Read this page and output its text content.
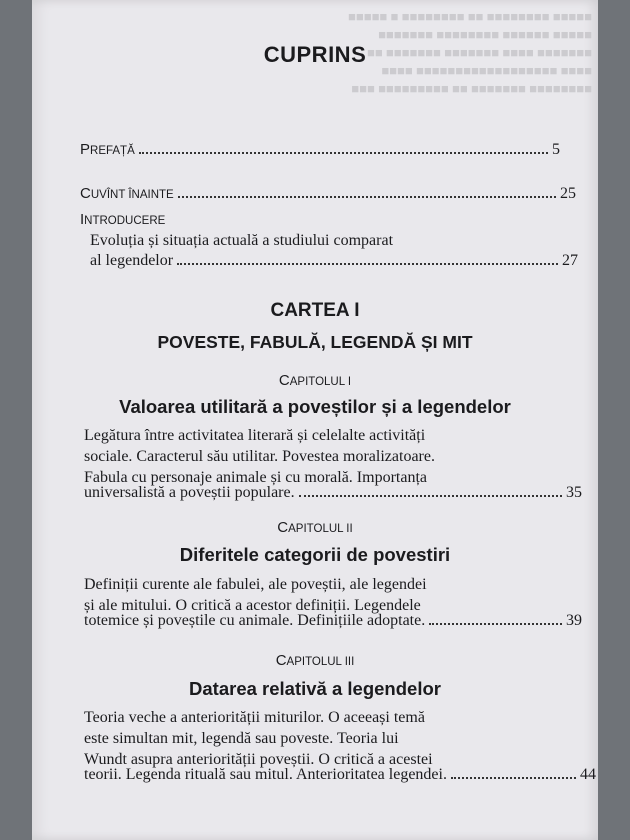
■■■■■ ■■■■■■■■ ■■ ■■■■■■■■ ■ ■■■■■
■■■■■ ■■■■■■ ■■■■■■■■ ■■■■■■■
■■■■■■■ ■■■■ ■■■■■■■ ■■■■■■■ ■■
■■■■ ■■■■■■■■■■■■■■■■■■ ■■■■
■■■■■■■■ ■■■■■■■ ■■ ■■■■■■■■■ ■■■
CUPRINS
PREFAȚĂ	5
CUVÎNT ÎNAINTE	25
INTRODUCERE
Evoluția și situația actuală a studiului comparat
al legendelor	27
CARTEA I
POVESTE, FABULĂ, LEGENDĂ ȘI MIT
CAPITOLUL I
Valoarea utilitară a poveștilor și a legendelor
Legătura între activitatea literară și celelalte activități
sociale. Caracterul său utilitar. Povestea moralizatoare.
Fabula cu personaje animale și cu morală. Importanța
universalistă a poveștii populare.	35
CAPITOLUL II
Diferitele categorii de povestiri
Definiții curente ale fabulei, ale poveștii, ale legendei
și ale mitului. O critică a acestor definiții. Legendele
totemice și poveștile cu animale. Definițiile adoptate.	39
CAPITOLUL III
Datarea relativă a legendelor
Teoria veche a anteriorității miturilor. O aceeași temă
este simultan mit, legendă sau poveste. Teoria lui
Wundt asupra anteriorității poveștii. O critică a acestei
teorii. Legenda rituală sau mitul. Anterioritatea legendei.	44
